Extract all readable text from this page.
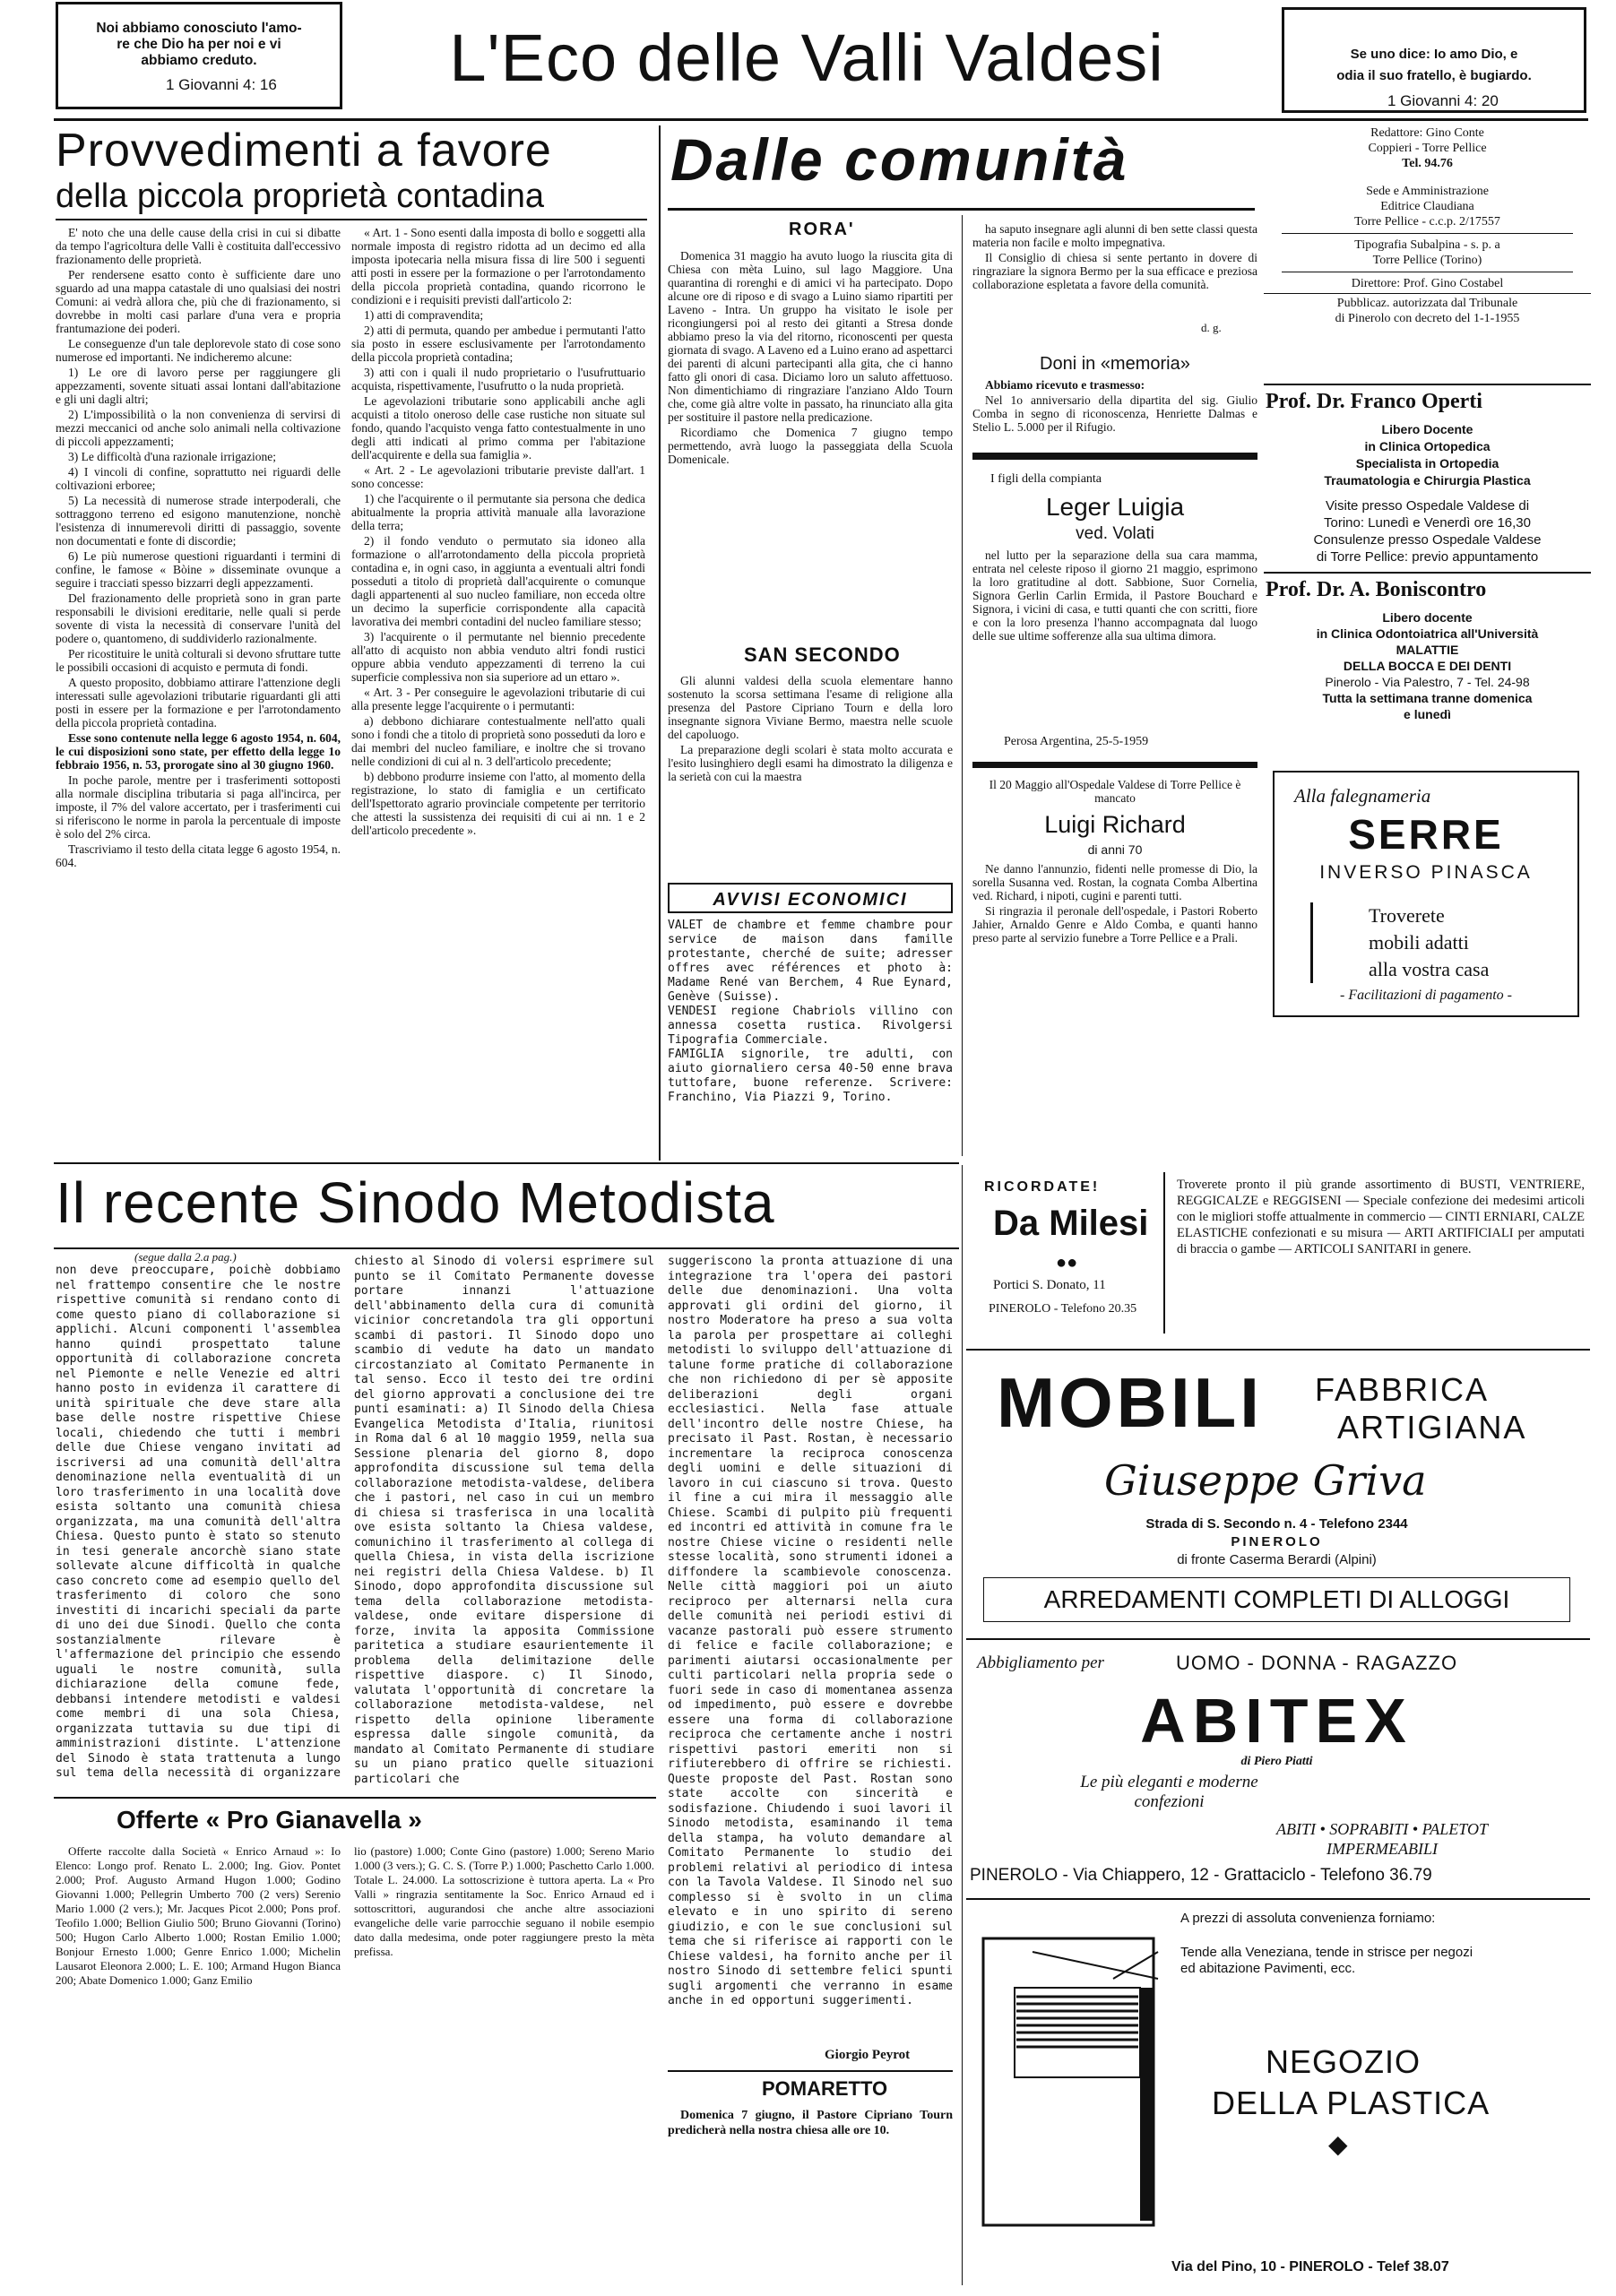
Noi abbiamo conosciuto l'amo-
re che Dio ha per noi e vi
abbiamo creduto.
1 Giovanni 4: 16	L'Eco delle Valli Valdesi	Se uno dice: Io amo Dio, e
odia il suo fratello, è bugiardo.
1 Giovanni 4: 20
Provvedimenti a favore
della piccola proprietà contadina

E' noto che una delle cause della crisi in cui si dibatte da tempo l'agricoltura delle Valli è costituita dall'eccessivo frazionamento delle proprietà.

Per rendersene esatto conto è sufficiente dare uno sguardo ad una mappa catastale di uno qualsiasi dei nostri Comuni: ai vedrà allora che, più che di frazionamento, si dovrebbe in molti casi parlare d'una vera e propria frantumazione dei poderi.

Le conseguenze d'un tale deplorevole stato di cose sono numerose ed importanti. Ne indicheremo alcune:

1) Le ore di lavoro perse per raggiungere gli appezzamenti, sovente situati assai lontani dall'abitazione e gli uni dagli altri;

2) L'impossibilità o la non convenienza di servirsi di mezzi meccanici od anche solo animali nella coltivazione di piccoli appezzamenti;

3) Le difficoltà d'una razionale irrigazione;

4) I vincoli di confine, soprattutto nei riguardi delle coltivazioni erboree;

5) La necessità di numerose strade interpoderali, che sottraggono terreno ed esigono manutenzione, nonchè l'esistenza di innumerevoli diritti di passaggio, sovente non documentati e fonte di discordie;

6) Le più numerose questioni riguardanti i termini di confine, le famose « Bòine » disseminate ovunque a seguire i tracciati spesso bizzarri degli appezzamenti.

Del frazionamento delle proprietà sono in gran parte responsabili le divisioni ereditarie, nelle quali si perde sovente di vista la necessità di conservare l'unità del podere o, quantomeno, di suddividerlo razionalmente.

Per ricostituire le unità colturali si devono sfruttare tutte le possibili occasioni di acquisto e permuta di fondi.

A questo proposito, dobbiamo attirare l'attenzione degli interessati sulle agevolazioni tributarie riguardanti gli atti posti in essere per la formazione e per l'arrotondamento della piccola proprietà contadina.

Esse sono contenute nella legge 6 agosto 1954, n. 604, le cui disposizioni sono state, per effetto della legge 1o febbraio 1956, n. 53, prorogate sino al 30 giugno 1960.

In poche parole, mentre per i trasferimenti sottoposti alla normale disciplina tributaria si paga all'incirca, per imposte, il 7% del valore accertato, per i trasferimenti cui si riferiscono le norme in parola la percentuale di imposte è solo del 2% circa.

Trascriviamo il testo della citata legge 6 agosto 1954, n. 604.

« Art. 1 - Sono esenti dalla imposta di bollo e soggetti alla normale imposta di registro ridotta ad un decimo ed alla imposta ipotecaria nella misura fissa di lire 500 i seguenti atti posti in essere per la formazione o per l'arrotondamento della piccola proprietà contadina, quando ricorrono le condizioni e i requisiti previsti dall'articolo 2:

1) atti di compravendita;

2) atti di permuta, quando per ambedue i permutanti l'atto sia posto in essere esclusivamente per l'arrotondamento della piccola proprietà contadina;

3) atti con i quali il nudo proprietario o l'usufruttuario acquista, rispettivamente, l'usufrutto o la nuda proprietà.

Le agevolazioni tributarie sono applicabili anche agli acquisti a titolo oneroso delle case rustiche non situate sul fondo, quando l'acquisto venga fatto contestualmente in uno degli atti indicati al primo comma per l'abitazione dell'acquirente e della sua famiglia ».

« Art. 2 - Le agevolazioni tributarie previste dall'art. 1 sono concesse:

1) che l'acquirente o il permutante sia persona che dedica abitualmente la propria attività manuale alla lavorazione della terra;

2) il fondo venduto o permutato sia idoneo alla formazione o all'arrotondamento della piccola proprietà contadina e, in ogni caso, in aggiunta a eventuali altri fondi posseduti a titolo di proprietà dall'acquirente o comunque dagli appartenenti al suo nucleo familiare, non ecceda oltre un decimo la superficie corrispondente alla capacità lavorativa dei membri contadini del nucleo familiare stesso;

3) l'acquirente o il permutante nel biennio precedente all'atto di acquisto non abbia venduto altri fondi rustici oppure abbia venduto appezzamenti di terreno la cui superficie complessiva non sia superiore ad un ettaro ».

« Art. 3 - Per conseguire le agevolazioni tributarie di cui alla presente legge l'acquirente o i permutanti:

a) debbono dichiarare contestualmente nell'atto quali sono i fondi che a titolo di proprietà sono posseduti da loro e dai membri del nucleo familiare, e inoltre che si trovano nelle condizioni di cui al n. 3 dell'articolo precedente;

b) debbono produrre insieme con l'atto, al momento della registrazione, lo stato di famiglia e un certificato dell'Ispettorato agrario provinciale competente per territorio che attesti la sussistenza dei requisiti di cui ai nn. 1 e 2 dell'articolo precedente ».

Dalle comunità
RORA'

Domenica 31 maggio ha avuto luogo la riuscita gita di Chiesa con mèta Luino, sul lago Maggiore. Una quarantina di rorenghi e di amici vi ha partecipato. Dopo alcune ore di riposo e di svago a Luino siamo ripartiti per Laveno - Intra. Un gruppo ha visitato le isole per ricongiungersi poi al resto dei gitanti a Stresa donde abbiamo preso la via del ritorno, riconoscenti per questa giornata di svago. A Laveno ed a Luino erano ad aspettarci dei parenti di alcuni partecipanti alla gita, che ci hanno fatto gli onori di casa. Diciamo loro un saluto affettuoso. Non dimentichiamo di ringraziare l'anziano Aldo Tourn che, come già altre volte in passato, ha rinunciato alla gita per sostituire il pastore nella predicazione.

Ricordiamo che Domenica 7 giugno tempo permettendo, avrà luogo la passeggiata della Scuola Domenicale.

SAN SECONDO

Gli alunni valdesi della scuola elementare hanno sostenuto la scorsa settimana l'esame di religione alla presenza del Pastore Cipriano Tourn e della loro insegnante signora Viviane Bermo, maestra nelle scuole del capoluogo.

La preparazione degli scolari è stata molto accurata e l'esito lusinghiero degli esami ha dimostrato la diligenza e la serietà con cui la maestra

ha saputo insegnare agli alunni di ben sette classi questa materia non facile e molto impegnativa.

Il Consiglio di chiesa si sente pertanto in dovere di ringraziare la signora Bermo per la sua efficace e preziosa collaborazione espletata a favore della comunità.

d. g.
Doni in «memoria»

Abbiamo ricevuto e trasmesso:

Nel 1o anniversario della dipartita del sig. Giulio Comba in segno di riconoscenza, Henriette Dalmas e Stelio L. 5.000 per il Rifugio.

I figli della compianta
Leger Luigia
ved. Volati

nel lutto per la separazione della sua cara mamma, entrata nel celeste riposo il giorno 21 maggio, esprimono la loro gratitudine al dott. Sabbione, Suor Cornelia, Signora Gerlin Carlin Ermida, il Pastore Bouchard e Signora, i vicini di casa, e tutti quanti che con scritti, fiore e con la loro presenza l'hanno accompagnata dal luogo delle sue ultime sofferenze alla sua ultima dimora.

Perosa Argentina, 25-5-1959
Il 20 Maggio all'Ospedale Valdese di Torre Pellice è mancato
Luigi Richard
di anni 70

Ne danno l'annunzio, fidenti nelle promesse di Dio, la sorella Susanna ved. Rostan, la cognata Comba Albertina ved. Richard, i nipoti, cugini e parenti tutti.

Si ringrazia il peronale dell'ospedale, i Pastori Roberto Jahier, Arnaldo Genre e Aldo Comba, e quanti hanno preso parte al servizio funebre a Torre Pellice e a Prali.

AVVISI ECONOMICI

VALET de chambre et femme chambre pour service de maison dans famille protestante, cherché de suite; adresser offres avec références et photo à: Madame René van Berchem, 4 Rue Eynard, Genève (Suisse).

VENDESI regione Chabriols villino con annessa cosetta rustica. Rivolgersi Tipografia Commerciale.

FAMIGLIA signorile, tre adulti, con aiuto giornaliero cersa 40-50 enne brava tuttofare, buone referenze. Scrivere: Franchino, Via Piazzi 9, Torino.

Redattore: Gino Conte
Coppieri - Torre Pellice
Tel. 94.76
Sede e Amministrazione
Editrice Claudiana
Torre Pellice - c.c.p. 2/17557
Tipografia Subalpina - s. p. a
Torre Pellice (Torino)
Direttore: Prof. Gino Costabel
Pubblicaz. autorizzata dal Tribunale
di Pinerolo con decreto del 1-1-1955
Prof. Dr. Franco Operti
Libero Docente
in Clinica Ortopedica
Specialista in Ortopedia
Traumatologia e Chirurgia Plastica
Visite presso Ospedale Valdese di
Torino: Lunedì e Venerdì ore 16,30
Consulenze presso Ospedale Valdese
di Torre Pellice: previo appuntamento
Prof. Dr. A. Boniscontro
Libero docente
in Clinica Odontoiatrica all'Università
MALATTIE
DELLA BOCCA E DEI DENTI
Pinerolo - Via Palestro, 7 - Tel. 24-98
Tutta la settimana tranne domenica
e lunedì
Alla falegnameria
SERRE
INVERSO PINASCA
Troverete
mobili adatti
alla vostra casa
- Facilitazioni di pagamento -
RICORDATE!
Da Milesi
●●
Portici S. Donato, 11
PINEROLO - Telefono 20.35
Troverete pronto il più grande assortimento di BUSTI, VENTRIERE, REGGICALZE e REGGISENI — Speciale confezione dei medesimi articoli con le migliori stoffe attualmente in commercio — CINTI ERNIARI, CALZE ELASTICHE confezionati e su misura — ARTI ARTIFICIALI per amputati di braccia o gambe — ARTICOLI SANITARI in genere.
Il recente Sinodo Metodista
(segue dalla 2.a pag.)

non deve preoccupare, poichè dobbiamo nel frattempo consentire che le nostre rispettive comunità si rendano conto di come questo piano di collaborazione si applichi. Alcuni componenti l'assemblea hanno quindi prospettato talune opportunità di collaborazione concreta nel Piemonte e nelle Venezie ed altri hanno posto in evidenza il carattere di unità spirituale che deve stare alla base delle nostre rispettive Chiese locali, chiedendo che tutti i membri delle due Chiese vengano invitati ad iscriversi ad una comunità dell'altra denominazione nella eventualità di un loro trasferimento in una località dove esista soltanto una comunità chiesa organizzata, ma una comunità dell'altra Chiesa. Questo punto è stato so stenuto in tesi generale ancorchè siano state sollevate alcune difficoltà in qualche caso concreto come ad esempio quello del trasferimento di coloro che sono investiti di incarichi speciali da parte di uno dei due Sinodi. Quello che conta sostanzialmente rilevare è l'affermazione del principio che essendo uguali le nostre comunità, sulla dichiarazione della comune fede, debbansi intendere metodisti e valdesi come membri di una sola Chiesa, organizzata tuttavia su due tipi di amministrazioni distinte. L'attenzione del Sinodo è stata trattenuta a lungo sul tema della necessità di organizzare

chiesto al Sinodo di volersi esprimere sul punto se il Comitato Permanente dovesse portare innanzi l'attuazione dell'abbinamento della cura di comunità vicinior concretandola tra gli opportuni scambi di pastori. Il Sinodo dopo uno scambio di vedute ha dato un mandato circostanziato al Comitato Permanente in tal senso. Ecco il testo dei tre ordini del giorno approvati a conclusione dei tre punti esaminati: a) Il Sinodo della Chiesa Evangelica Metodista d'Italia, riunitosi in Roma dal 6 al 10 maggio 1959, nella sua Sessione plenaria del giorno 8, dopo approfondita discussione sul tema della collaborazione metodista-valdese, delibera che i pastori, nel caso in cui un membro di chiesa si trasferisca in una località ove esista soltanto la Chiesa valdese, comunichino il trasferimento al collega di quella Chiesa, in vista della iscrizione nei registri della Chiesa Valdese. b) Il Sinodo, dopo approfondita discussione sul tema della collaborazione metodista-valdese, onde evitare dispersione di forze, invita la apposita Commissione paritetica a studiare esaurientemente il problema della delimitazione delle rispettive diaspore. c) Il Sinodo, valutata l'opportunità di concretare la collaborazione metodista-valdese, nel rispetto della opinione liberamente espressa dalle singole comunità, da mandato al Comitato Permanente di studiare su un piano pratico quelle situazioni particolari che

suggeriscono la pronta attuazione di una integrazione tra l'opera dei pastori delle due denominazioni. Una volta approvati gli ordini del giorno, il nostro Moderatore ha preso a sua volta la parola per prospettare ai colleghi metodisti lo sviluppo dell'attuazione di talune forme pratiche di collaborazione che non richiedono di per sè apposite deliberazioni degli organi ecclesiastici. Nella fase attuale dell'incontro delle nostre Chiese, ha precisato il Past. Rostan, è necessario incrementare la reciproca conoscenza degli uomini e delle situazioni di lavoro in cui ciascuno si trova. Questo il fine a cui mira il messaggio alle Chiese. Scambi di pulpito più frequenti ed incontri ed attività in comune fra le nostre Chiese vicine o residenti nelle stesse località, sono strumenti idonei a diffondere la scambievole conoscenza. Nelle città maggiori poi un aiuto reciproco per alternarsi nella cura delle comunità nei periodi estivi di vacanze pastorali può essere strumento di felice e facile collaborazione; e parimenti aiutarsi occasionalmente per culti particolari nella propria sede o fuori sede in caso di momentanea assenza od impedimento, può essere e dovrebbe essere una forma di collaborazione reciproca che certamente anche i nostri rispettivi pastori emeriti non si rifiuterebbero di offrire se richiesti. Queste proposte del Past. Rostan sono state accolte con sincerità e sodisfazione. Chiudendo i suoi lavori il Sinodo metodista, esaminando il tema della stampa, ha voluto demandare al Comitato Permanente lo studio dei problemi relativi al periodico di intesa con la Tavola Valdese. Il Sinodo nel suo complesso si è svolto in un clima elevato e in uno spirito di sereno giudizio, e con le sue conclusioni sul tema che si riferisce ai rapporti con le Chiese valdesi, ha fornito anche per il nostro Sinodo di settembre felici spunti sugli argomenti che verranno in esame anche in ed opportuni suggerimenti.

Giorgio Peyrot
POMARETTO

Domenica 7 giugno, il Pastore Cipriano Tourn predicherà nella nostra chiesa alle ore 10.

Offerte « Pro Gianavella »

Offerte raccolte dalla Società « Enrico Arnaud »: Io Elenco: Longo prof. Renato L. 2.000; Ing. Giov. Pontet 2.000; Prof. Augusto Armand Hugon 1.000; Godino Giovanni 1.000; Pellegrin Umberto 700 (2 vers) Serenio Mario 1.000 (2 vers.); Mr. Jacques Picot 2.000; Pons prof. Teofilo 1.000; Bellion Giulio 500; Bruno Giovanni (Torino) 500; Hugon Carlo Alberto 1.000; Rostan Emilio 1.000; Bonjour Ernesto 1.000; Genre Enrico 1.000; Michelin Lausarot Eleonora 2.000; L. E. 100; Armand Hugon Bianca 200; Abate Domenico 1.000; Ganz Emilio

lio (pastore) 1.000; Conte Gino (pastore) 1.000; Sereno Mario 1.000 (3 vers.); G. C. S. (Torre P.) 1.000; Paschetto Carlo 1.000. Totale L. 24.000. La sottoscrizione è tuttora aperta. La « Pro Valli » ringrazia sentitamente la Soc. Enrico Arnaud ed i sottoscrittori, augurandosi che anche altre associazioni evangeliche delle varie parrocchie seguano il nobile esempio dato dalla medesima, onde poter raggiungere presto la mèta prefissa.

MOBILI FABBRICA
ARTIGIANA
Giuseppe Griva
Strada di S. Secondo n. 4 - Telefono 2344
PINEROLO
di fronte Caserma Berardi (Alpini)
ARREDAMENTI COMPLETI DI ALLOGGI
Abbigliamento per	UOMO - DONNA - RAGAZZO
ABITEX
di Piero Piatti
Le più eleganti e moderne
confezioni
ABITI • SOPRABITI • PALETOT IMPERMEABILI
PINEROLO - Via Chiappero, 12 - Grattaciclo - Telefono 36.79
A prezzi di assoluta convenienza forniamo:
Tende alla Veneziana, tende in strisce per negozi ed abitazione Pavimenti, ecc.
NEGOZIO
DELLA PLASTICA
◆
Via del Pino, 10 - PINEROLO - Telef 38.07
